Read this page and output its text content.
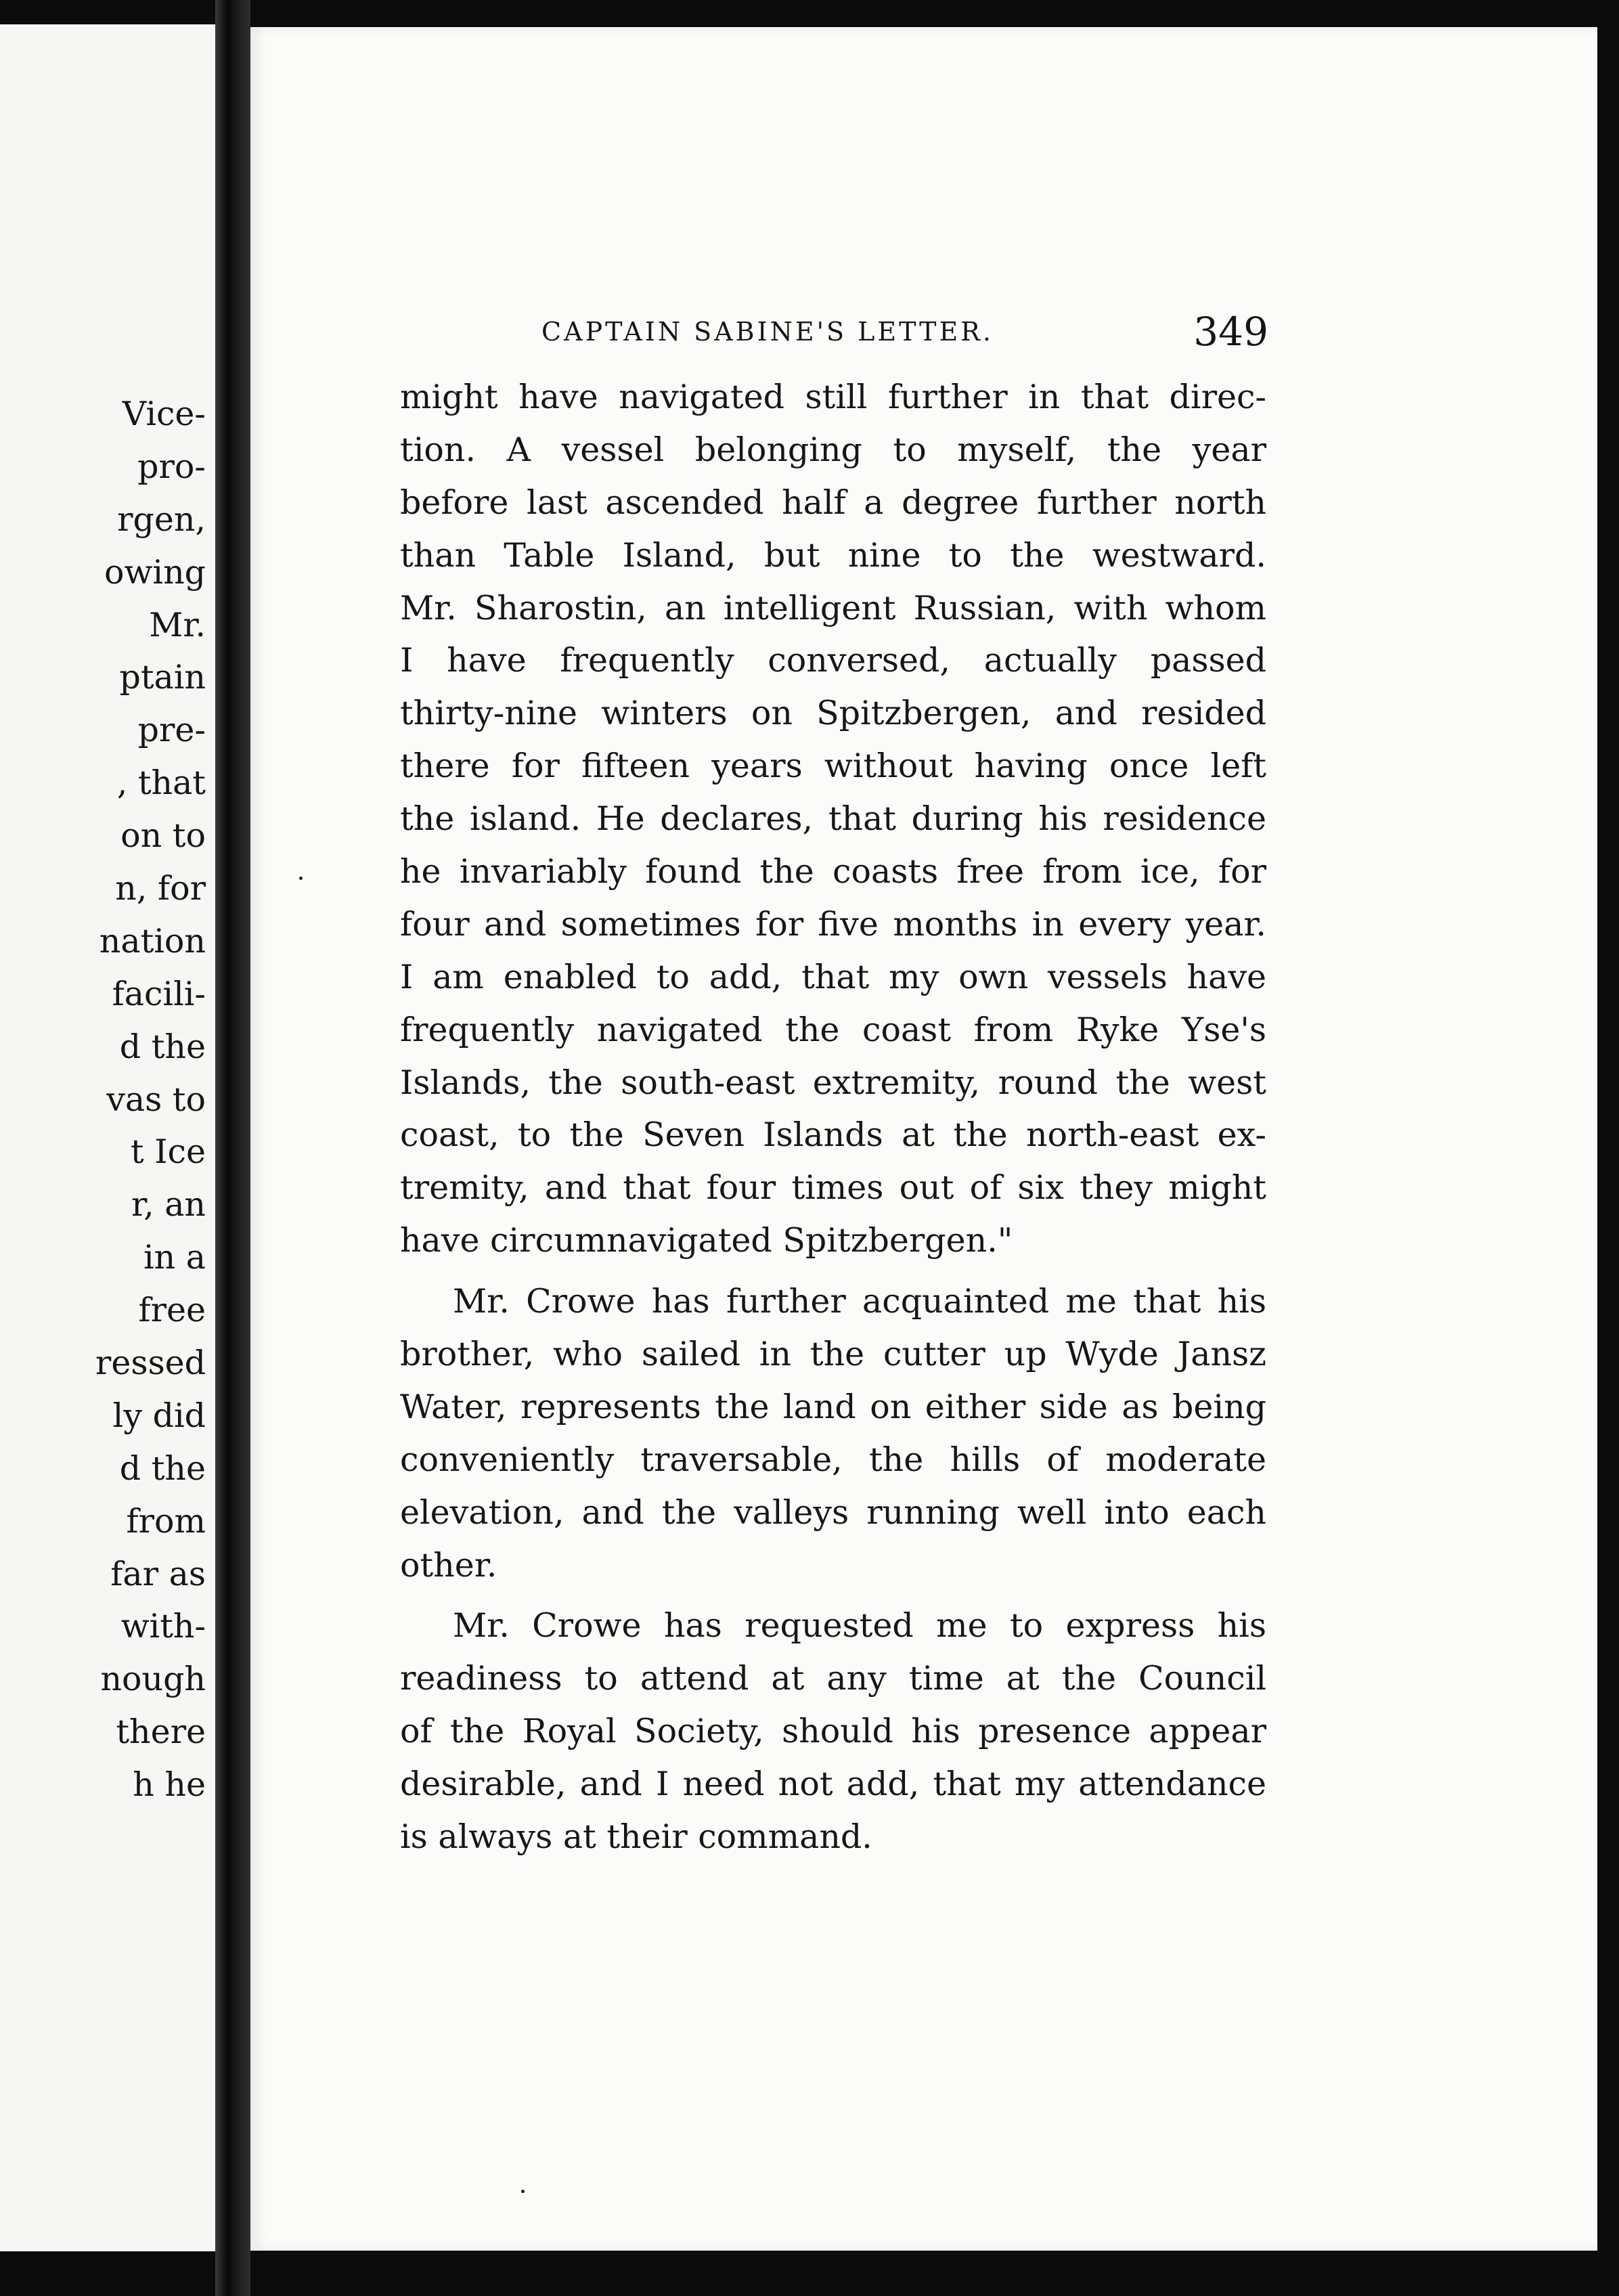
Vice-
pro-
rgen,
owing
Mr.
ptain
pre-
, that
on to
n, for
nation
facili-
d the
vas to
t Ice
r, an
in a
free
ressed
ly did
d the
from
far as
with-
nough
there
h he
CAPTAIN SABINE'S LETTER.	349
might have navigated still further in that direc-
tion. A vessel belonging to myself, the year
before last ascended half a degree further north
than Table Island, but nine to the westward.
Mr. Sharostin, an intelligent Russian, with whom
I have frequently conversed, actually passed
thirty-nine winters on Spitzbergen, and resided
there for fifteen years without having once left
the island. He declares, that during his residence
he invariably found the coasts free from ice, for
four and sometimes for five months in every year.
I am enabled to add, that my own vessels have
frequently navigated the coast from Ryke Yse's
Islands, the south-east extremity, round the west
coast, to the Seven Islands at the north-east ex-
tremity, and that four times out of six they might
have circumnavigated Spitzbergen."
Mr. Crowe has further acquainted me that his
brother, who sailed in the cutter up Wyde Jansz
Water, represents the land on either side as being
conveniently traversable, the hills of moderate
elevation, and the valleys running well into each
other.
Mr. Crowe has requested me to express his
readiness to attend at any time at the Council
of the Royal Society, should his presence appear
desirable, and I need not add, that my attendance
is always at their command.
